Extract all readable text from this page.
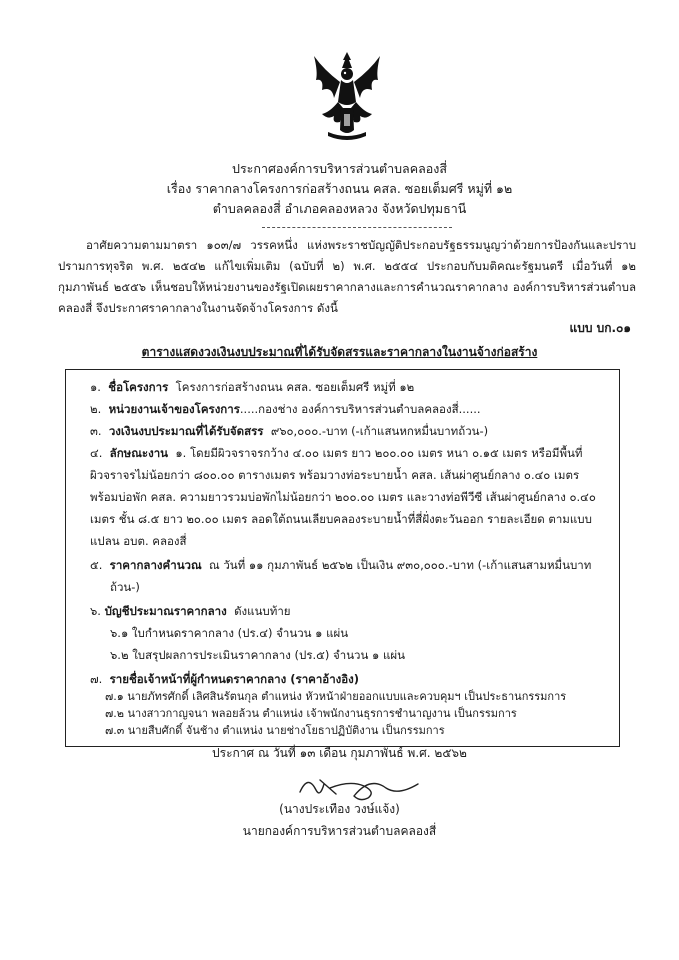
ประกาศองค์การบริหารส่วนตำบลคลองสี่
เรื่อง ราคากลางโครงการก่อสร้างถนน คสล. ซอยเต็มศรี หมู่ที่ ๑๒
ตำบลคลองสี่ อำเภอคลองหลวง จังหวัดปทุมธานี
อาศัยความตามมาตรา ๑๐๓/๗ วรรคหนึ่ง แห่งพระราชบัญญัติประกอบรัฐธรรมนูญว่าด้วยการป้องกันและปราบปรามการทุจริต พ.ศ. ๒๕๔๒ แก้ไขเพิ่มเติม (ฉบับที่ ๒) พ.ศ. ๒๕๕๔ ประกอบกับมติคณะรัฐมนตรี เมื่อวันที่ ๑๒ กุมภาพันธ์ ๒๕๕๖ เห็นชอบให้หน่วยงานของรัฐเปิดเผยราคากลางและการคำนวณราคากลาง องค์การบริหารส่วนตำบลคลองสี่ จึงประกาศราคากลางในงานจัดจ้างโครงการ ดังนี้
แบบ บก.๐๑
ตารางแสดงวงเงินงบประมาณที่ได้รับจัดสรรและราคากลางในงานจ้างก่อสร้าง
๑. ชื่อโครงการ โครงการก่อสร้างถนน คสล. ซอยเต็มศรี หมู่ที่ ๑๒
๒. หน่วยงานเจ้าของโครงการ.....กองช่าง องค์การบริหารส่วนตำบลคลองสี่......
๓. วงเงินงบประมาณที่ได้รับจัดสรร ๙๖๐,๐๐๐.-บาท (-เก้าแสนหกหมื่นบาทถ้วน-)
๔. ลักษณะงาน ๑. โดยมีผิวจราจรกว้าง ๔.๐๐ เมตร ยาว ๒๐๐.๐๐ เมตร หนา ๐.๑๕ เมตร หรือมีพื้นที่
ผิวจราจรไม่น้อยกว่า ๘๐๐.๐๐ ตารางเมตร พร้อมวางท่อระบายน้ำ คสล. เส้นผ่าศูนย์กลาง ๐.๔๐ เมตร
พร้อมบ่อพัก คสล. ความยาวรวมบ่อพักไม่น้อยกว่า ๒๐๐.๐๐ เมตร และวางท่อพีวีซี เส้นผ่าศูนย์กลาง ๐.๔๐
เมตร ชั้น ๘.๕ ยาว ๒๐.๐๐ เมตร ลอดใต้ถนนเลียบคลองระบายน้ำที่สี่ฝั่งตะวันออก รายละเอียด ตามแบบ
แปลน อบต. คลองสี่
๕. ราคากลางคำนวณ ณ วันที่ ๑๑ กุมภาพันธ์ ๒๕๖๒ เป็นเงิน ๙๓๐,๐๐๐.-บาท (-เก้าแสนสามหมื่นบาท
ถ้วน-)
๖. บัญชีประมาณราคากลาง ดังแนบท้าย
๖.๑ ใบกำหนดราคากลาง (ปร.๔) จำนวน ๑ แผ่น
๖.๒ ใบสรุปผลการประเมินราคากลาง (ปร.๕) จำนวน ๑ แผ่น
๗. รายชื่อเจ้าหน้าที่ผู้กำหนดราคากลาง (ราคาอ้างอิง)
๗.๑ นายภัทรศักดิ์ เลิศสินรัตนกุล ตำแหน่ง หัวหน้าฝ่ายออกแบบและควบคุมฯ เป็นประธานกรรมการ
๗.๒ นางสาวกาญจนา พลอยล้วน ตำแหน่ง เจ้าพนักงานธุรการชำนาญงาน เป็นกรรมการ
ประกาศ ณ วันที่ ๑๓ เดือน กุมภาพันธ์ พ.ศ. ๒๕๖๒
(นางประเทือง วงษ์แจ้ง)
นายกองค์การบริหารส่วนตำบลคลองสี่
๗.๓ นายสืบศักดิ์ จันช้าง ตำแหน่ง นายช่างโยธาปฏิบัติงาน เป็นกรรมการ
